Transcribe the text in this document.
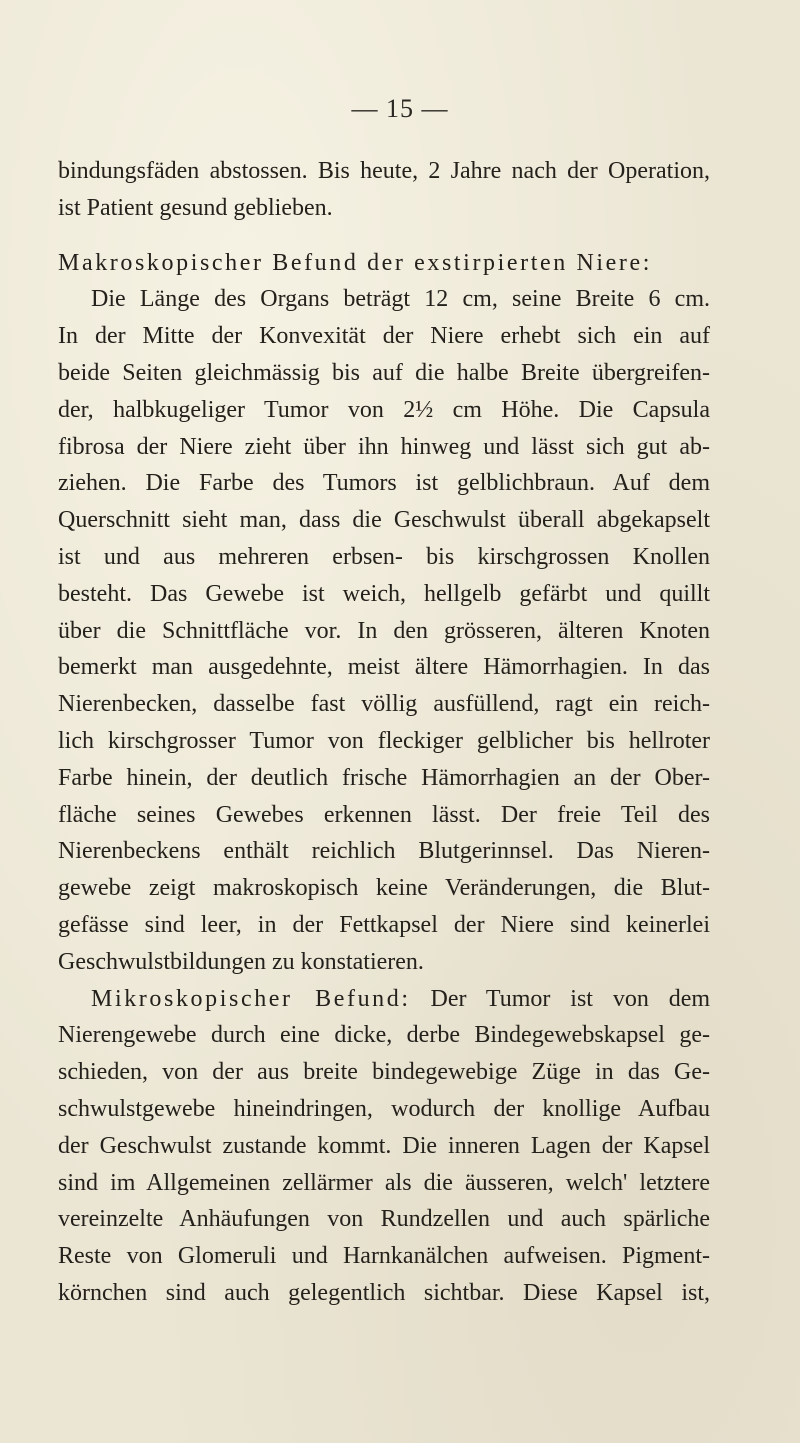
— 15 —
bindungsfäden abstossen. Bis heute, 2 Jahre nach der Operation,
ist Patient gesund geblieben.
Makroskopischer Befund der exstirpierten Niere:
Die Länge des Organs beträgt 12 cm, seine Breite 6 cm.
In der Mitte der Konvexität der Niere erhebt sich ein auf
beide Seiten gleichmässig bis auf die halbe Breite übergreifen-
der, halbkugeliger Tumor von 2½ cm Höhe. Die Capsula
fibrosa der Niere zieht über ihn hinweg und lässt sich gut ab-
ziehen. Die Farbe des Tumors ist gelblichbraun. Auf dem
Querschnitt sieht man, dass die Geschwulst überall abgekapselt
ist und aus mehreren erbsen- bis kirschgrossen Knollen
besteht. Das Gewebe ist weich, hellgelb gefärbt und quillt
über die Schnittfläche vor. In den grösseren, älteren Knoten
bemerkt man ausgedehnte, meist ältere Hämorrhagien. In das
Nierenbecken, dasselbe fast völlig ausfüllend, ragt ein reich-
lich kirschgrosser Tumor von fleckiger gelblicher bis hellroter
Farbe hinein, der deutlich frische Hämorrhagien an der Ober-
fläche seines Gewebes erkennen lässt. Der freie Teil des
Nierenbeckens enthält reichlich Blutgerinnsel. Das Nieren-
gewebe zeigt makroskopisch keine Veränderungen, die Blut-
gefässe sind leer, in der Fettkapsel der Niere sind keinerlei
Geschwulstbildungen zu konstatieren.
Mikroskopischer Befund: Der Tumor ist von dem
Nierengewebe durch eine dicke, derbe Bindegewebskapsel ge-
schieden, von der aus breite bindegewebige Züge in das Ge-
schwulstgewebe hineindringen, wodurch der knollige Aufbau
der Geschwulst zustande kommt. Die inneren Lagen der Kapsel
sind im Allgemeinen zellärmer als die äusseren, welch' letztere
vereinzelte Anhäufungen von Rundzellen und auch spärliche
Reste von Glomeruli und Harnkanälchen aufweisen. Pigment-
körnchen sind auch gelegentlich sichtbar. Diese Kapsel ist,
